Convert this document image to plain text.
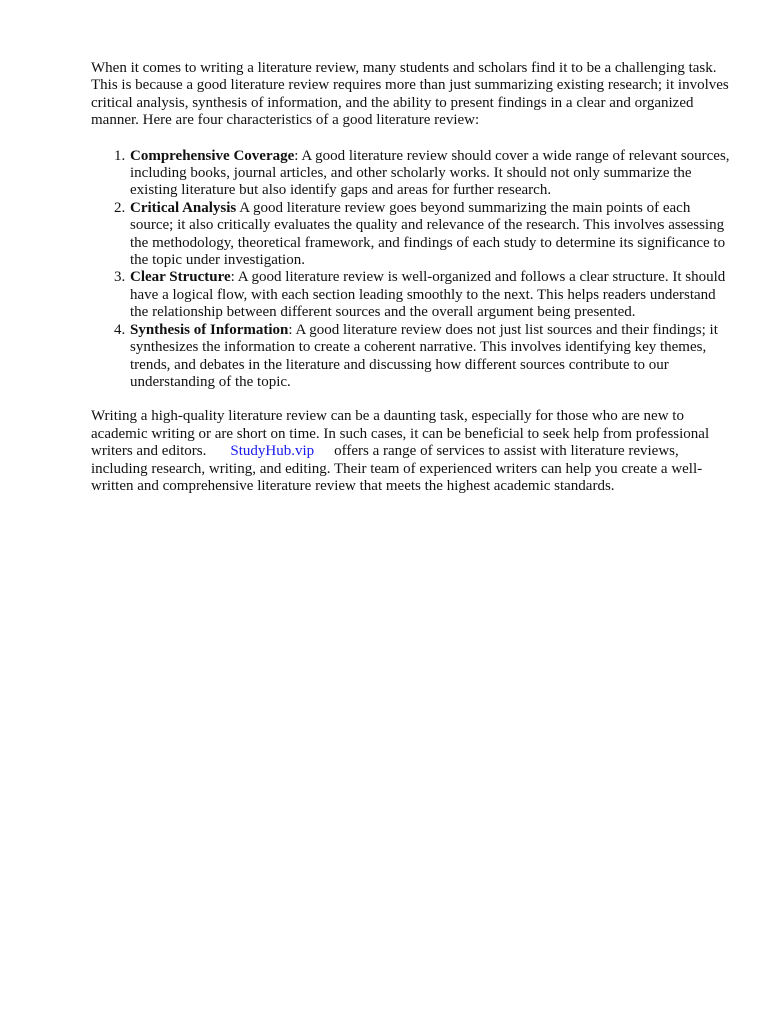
When it comes to writing a literature review, many students and scholars find it to be a challenging task. This is because a good literature review requires more than just summarizing existing research; it involves critical analysis, synthesis of information, and the ability to present findings in a clear and organized manner. Here are four characteristics of a good literature review:

1. Comprehensive Coverage: A good literature review should cover a wide range of relevant sources, including books, journal articles, and other scholarly works. It should not only summarize the existing literature but also identify gaps and areas for further research.
2. Critical Analysis A good literature review goes beyond summarizing the main points of each source; it also critically evaluates the quality and relevance of the research. This involves assessing the methodology, theoretical framework, and findings of each study to determine its significance to the topic under investigation.
3. Clear Structure: A good literature review is well-organized and follows a clear structure. It should have a logical flow, with each section leading smoothly to the next. This helps readers understand the relationship between different sources and the overall argument being presented.
4. Synthesis of Information: A good literature review does not just list sources and their findings; it synthesizes the information to create a coherent narrative. This involves identifying key themes, trends, and debates in the literature and discussing how different sources contribute to our understanding of the topic.

Writing a high-quality literature review can be a daunting task, especially for those who are new to academic writing or are short on time. In such cases, it can be beneficial to seek help from professional writers and editors. StudyHub.vip offers a range of services to assist with literature reviews, including research, writing, and editing. Their team of experienced writers can help you create a well-written and comprehensive literature review that meets the highest academic standards.
